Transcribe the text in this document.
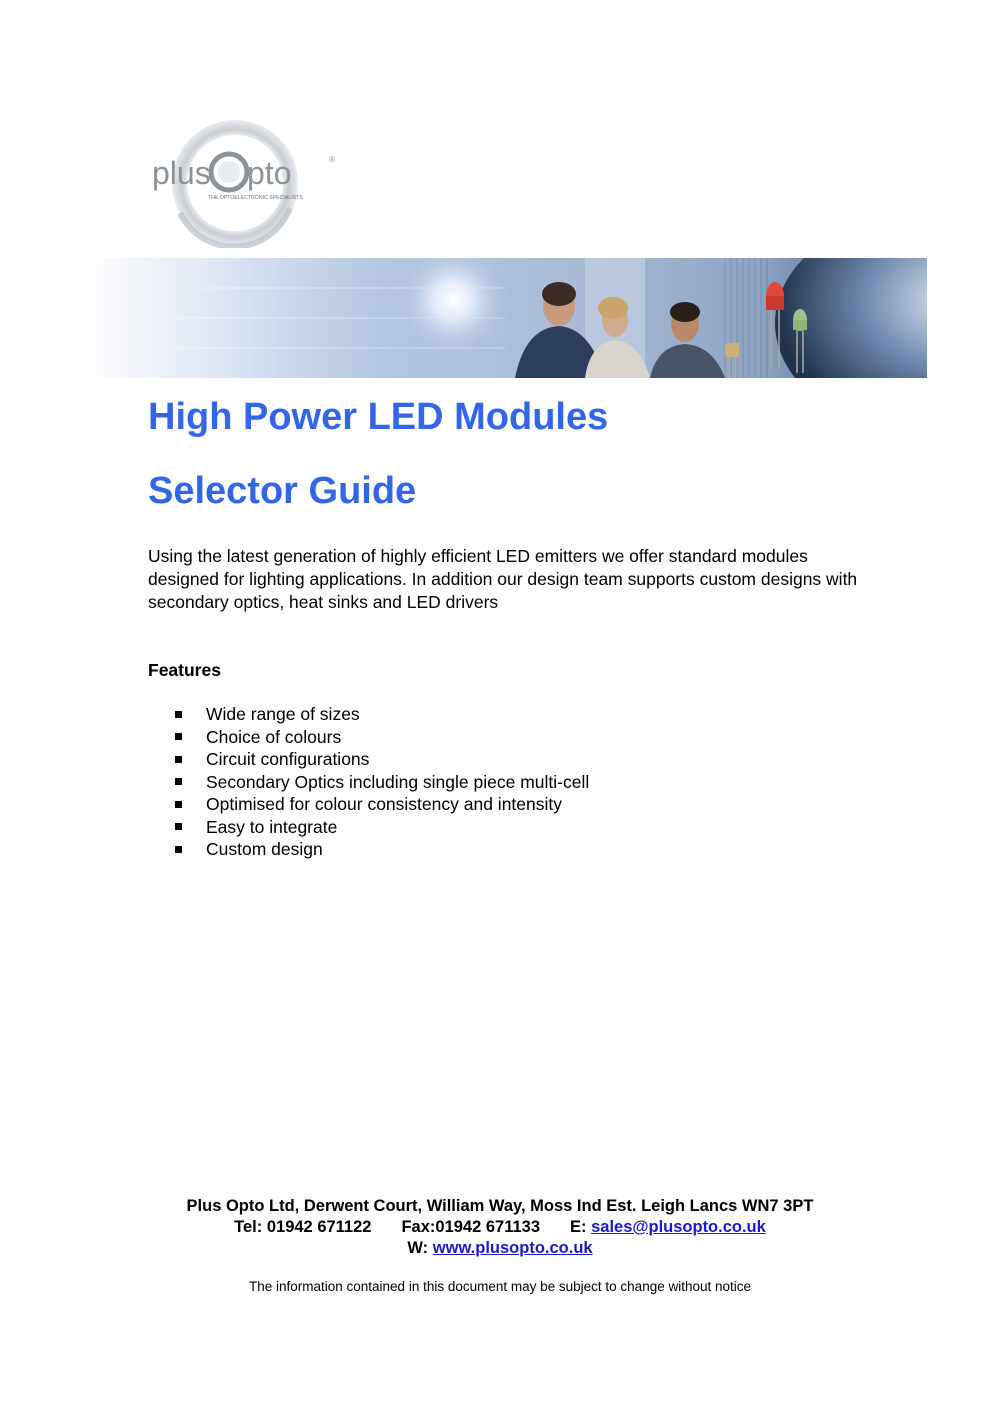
plus pto	®
THE OPTOELECTRONIC SPECIALISTS
High Power LED Modules
Selector Guide

Using the latest generation of highly efficient LED emitters we offer standard modules designed for lighting applications. In addition our design team supports custom designs with secondary optics, heat sinks and LED drivers

Features
Wide range of sizes
Choice of colours
Circuit configurations
Secondary Optics including single piece multi-cell
Optimised for colour consistency and intensity
Easy to integrate
Custom design
Plus Opto Ltd, Derwent Court, William Way, Moss Ind Est. Leigh Lancs WN7 3PT
Tel: 01942 671122 Fax:01942 671133 E: sales@plusopto.co.uk
W: www.plusopto.co.uk
The information contained in this document may be subject to change without notice
